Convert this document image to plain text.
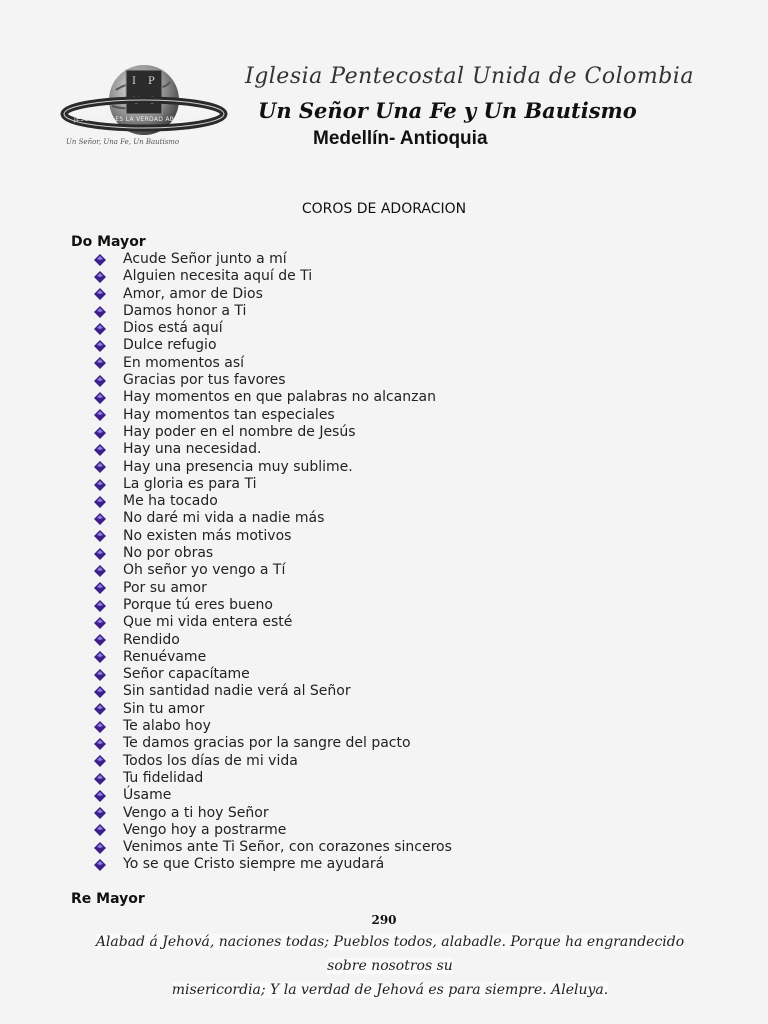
I P
U C
JESUCRISTO ES LA VERDAD ABSOLUTA
Un Señor, Una Fe, Un Bautismo
Iglesia Pentecostal Unida de Colombia
Un Señor Una Fe y Un Bautismo
Medellín- Antioquia
COROS DE ADORACION
Do Mayor
Acude Señor junto a mí
Alguien necesita aquí de Ti
Amor, amor de Dios
Damos honor a Ti
Dios está aquí
Dulce refugio
En momentos así
Gracias por tus favores
Hay momentos en que palabras no alcanzan
Hay momentos tan especiales
Hay poder en el nombre de Jesús
Hay una necesidad.
Hay una presencia muy sublime.
La gloria es para Ti
Me ha tocado
No daré mi vida a nadie más
No existen más motivos
No por obras
Oh señor yo vengo a Tí
Por su amor
Porque tú eres bueno
Que mi vida entera esté
Rendido
Renuévame
Señor capacítame
Sin santidad nadie verá al Señor
Sin tu amor
Te alabo hoy
Te damos gracias por la sangre del pacto
Todos los días de mi vida
Tu fidelidad
Úsame
Vengo a ti hoy Señor
Vengo hoy a postrarme
Venimos ante Ti Señor, con corazones sinceros
Yo se que Cristo siempre me ayudará
Re Mayor
290
Alabad á Jehová, naciones todas; Pueblos todos, alabadle. Porque ha engrandecido sobre nosotros su
misericordia; Y la verdad de Jehová es para siempre. Aleluya.
